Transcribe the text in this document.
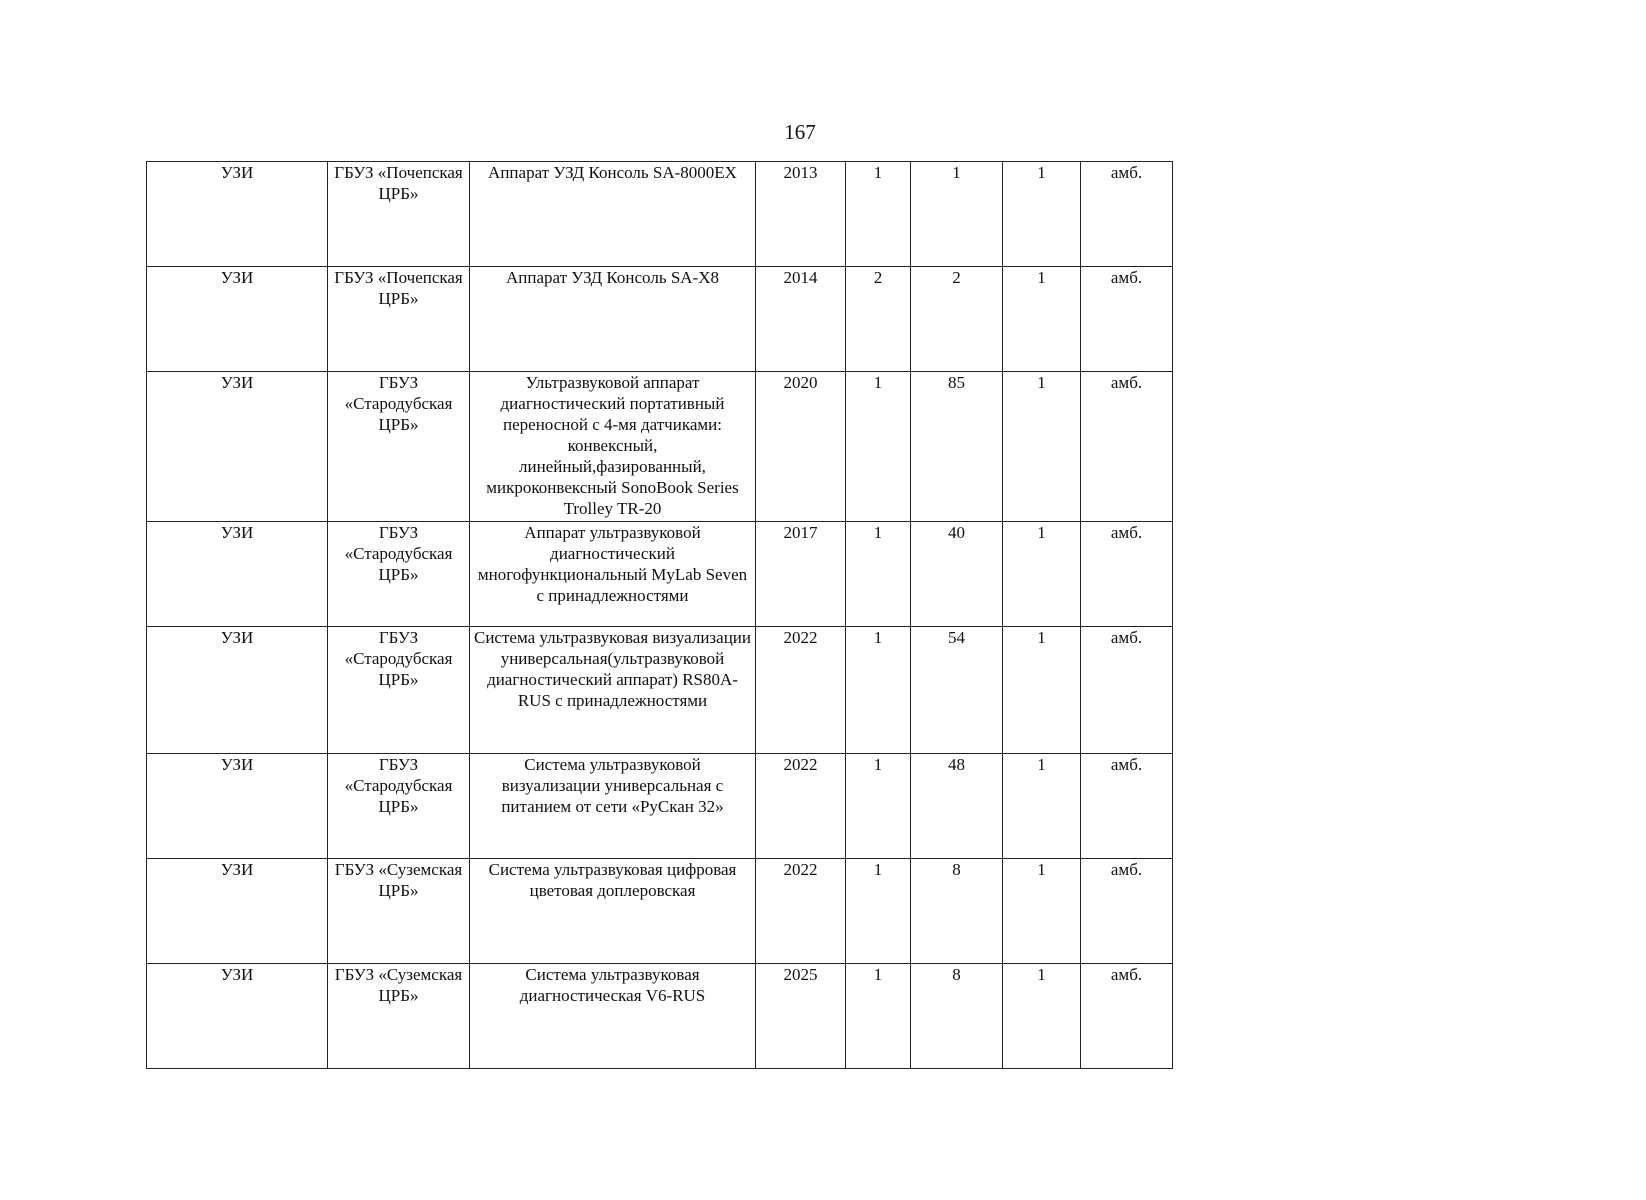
167
УЗИ	ГБУЗ «Почепская ЦРБ»	Аппарат УЗД Консоль SA-8000EX	2013	1	1	1	амб.
УЗИ	ГБУЗ «Почепская ЦРБ»	Аппарат УЗД Консоль SA-X8	2014	2	2	1	амб.
УЗИ	ГБУЗ «Стародубская ЦРБ»	Ультразвуковой аппарат диагностический портативный переносной с 4-мя датчиками: конвексный, линейный,фазированный, микроконвексный SonoBook Series Trolley TR-20	2020	1	85	1	амб.
УЗИ	ГБУЗ «Стародубская ЦРБ»	Аппарат ультразвуковой диагностический многофункциональный MyLab Seven с принадлежностями	2017	1	40	1	амб.
УЗИ	ГБУЗ «Стародубская ЦРБ»	Система ультразвуковая визуализации универсальная(ультразвуковой диагностический аппарат) RS80A-RUS с принадлежностями	2022	1	54	1	амб.
УЗИ	ГБУЗ «Стародубская ЦРБ»	Система ультразвуковой визуализации универсальная с питанием от сети «РуСкан 32»	2022	1	48	1	амб.
УЗИ	ГБУЗ «Суземская ЦРБ»	Система ультразвуковая цифровая цветовая доплеровская	2022	1	8	1	амб.
УЗИ	ГБУЗ «Суземская ЦРБ»	Система ультразвуковая диагностическая V6-RUS	2025	1	8	1	амб.
